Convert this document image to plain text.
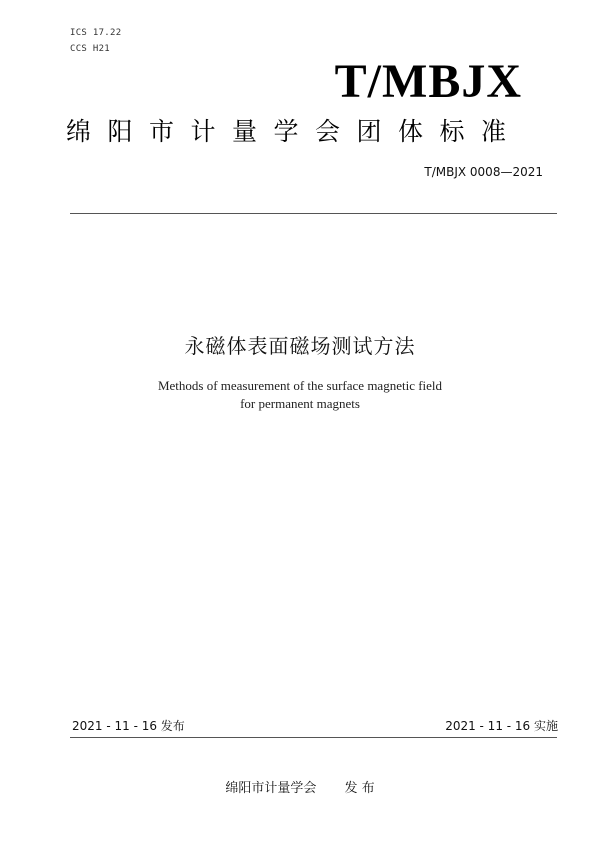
ICS 17.22
CCS H21
T/MBJX
绵阳市计量学会团体标准
T/MBJX 0008—2021
永磁体表面磁场测试方法
Methods of measurement of the surface magnetic field
for permanent magnets
2021 - 11 - 16 发布	2021 - 11 - 16 实施
绵阳市计量学会 发 布
